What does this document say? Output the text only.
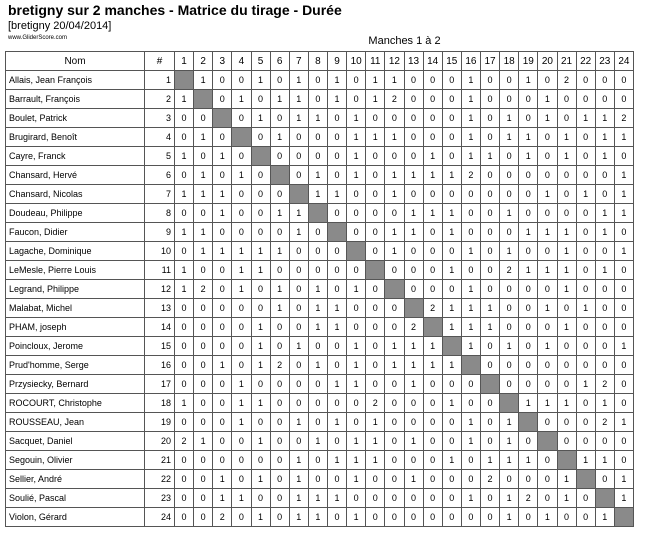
bretigny sur 2 manches - Matrice du tirage - Durée
[bretigny 20/04/2014]
www.GliderScore.com	Manches 1 à 2
Nom	#	1	2	3	4	5	6	7	8	9	10	11	12	13	14	15	16	17	18	19	20	21	22	23	24
Allais, Jean François	1		1	0	0	1	0	1	0	1	0	1	1	0	0	0	1	0	0	1	0	2	0	0	0
Barrault, François	2	1		0	1	0	1	1	0	1	0	1	2	0	0	0	1	0	0	0	1	0	0	0	0
Boulet, Patrick	3	0	0		0	1	0	1	1	0	1	0	0	0	0	0	1	0	1	0	1	0	1	1	2
Brugirard, Benoît	4	0	1	0		0	1	0	0	0	1	1	1	0	0	0	1	0	1	1	0	1	0	1	1
Cayre, Franck	5	1	0	1	0		0	0	0	0	1	0	0	0	1	0	1	1	0	1	0	1	0	1	0
Chansard, Hervé	6	0	1	0	1	0		0	1	0	1	0	1	1	1	1	2	0	0	0	0	0	0	0	1
Chansard, Nicolas	7	1	1	1	0	0	0		1	1	0	0	1	0	0	0	0	0	0	0	1	0	1	0	1
Doudeau, Philippe	8	0	0	1	0	0	1	1		0	0	0	0	1	1	1	0	0	1	0	0	0	0	1	1
Faucon, Didier	9	1	1	0	0	0	0	1	0		0	0	1	1	0	1	0	0	0	1	1	1	0	1	0
Lagache, Dominique	10	0	1	1	1	1	1	0	0	0		0	1	0	0	0	1	0	1	0	0	1	0	0	1
LeMesle, Pierre Louis	11	1	0	0	1	1	0	0	0	0	0		0	0	0	1	0	0	2	1	1	1	0	1	0
Legrand, Philippe	12	1	2	0	1	0	1	0	1	0	1	0		0	0	0	1	0	0	0	0	1	0	0	0
Malabat, Michel	13	0	0	0	0	0	1	0	1	1	0	0	0		2	1	1	1	0	0	1	0	1	0	0
PHAM, joseph	14	0	0	0	0	1	0	0	1	1	0	0	0	2		1	1	1	0	0	0	1	0	0	0
Poincloux, Jerome	15	0	0	0	0	1	0	1	0	0	1	0	1	1	1		1	0	1	0	1	0	0	0	1
Prud'homme, Serge	16	0	0	1	0	1	2	0	1	0	1	0	1	1	1	1		0	0	0	0	0	0	0	0
Przysiecky, Bernard	17	0	0	0	1	0	0	0	0	1	1	0	0	1	0	0	0		0	0	0	0	1	2	0
ROCOURT, Christophe	18	1	0	0	1	1	0	0	0	0	0	2	0	0	0	1	0	0		1	1	1	0	1	0
ROUSSEAU, Jean	19	0	0	0	1	0	0	1	0	1	0	1	0	0	0	0	1	0	1		0	0	0	2	1
Sacquet, Daniel	20	2	1	0	0	1	0	0	1	0	1	1	0	1	0	0	1	0	1	0		0	0	0	0
Segouin, Olivier	21	0	0	0	0	0	0	1	0	1	1	1	0	0	0	1	0	1	1	1	0		1	1	0
Sellier, André	22	0	0	1	0	1	0	1	0	0	1	0	0	1	0	0	0	2	0	0	0	1		0	1
Soulié, Pascal	23	0	0	1	1	0	0	1	1	1	0	0	0	0	0	0	1	0	1	2	0	1	0		1
Violon, Gérard	24	0	0	2	0	1	0	1	1	0	1	0	0	0	0	0	0	0	1	0	1	0	0	1	
